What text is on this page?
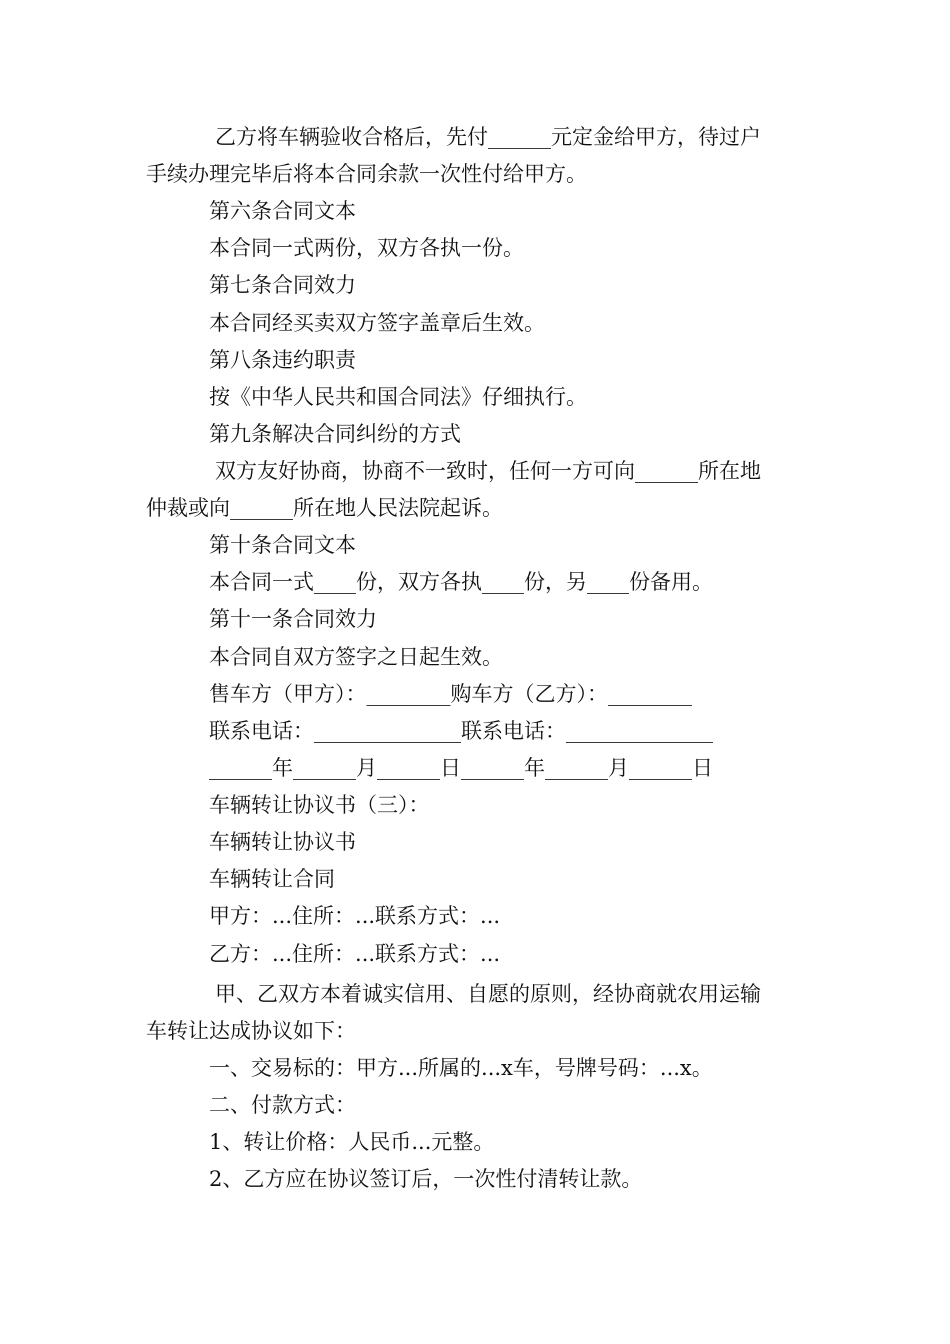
乙方将车辆验收合格后，先付______元定金给甲方，待过户
手续办理完毕后将本合同余款一次性付给甲方。
第六条合同文本
本合同一式两份，双方各执一份。
第七条合同效力
本合同经买卖双方签字盖章后生效。
第八条违约职责
按《中华人民共和国合同法》仔细执行。
第九条解决合同纠纷的方式
双方友好协商，协商不一致时，任何一方可向______所在地
仲裁或向______所在地人民法院起诉。
第十条合同文本
本合同一式____份，双方各执____份，另____份备用。
第十一条合同效力
本合同自双方签字之日起生效。
售车方（甲方）：________购车方（乙方）：________
联系电话：______________联系电话：______________
______年______月______日______年______月______日
车辆转让协议书（三）：
车辆转让协议书
车辆转让合同
甲方：...住所：...联系方式：...
乙方：...住所：...联系方式：...
甲、乙双方本着诚实信用、自愿的原则，经协商就农用运输
车转让达成协议如下：
一、交易标的：甲方...所属的...x车，号牌号码：...x。
二、付款方式：
1、转让价格：人民币...元整。
2、乙方应在协议签订后，一次性付清转让款。
